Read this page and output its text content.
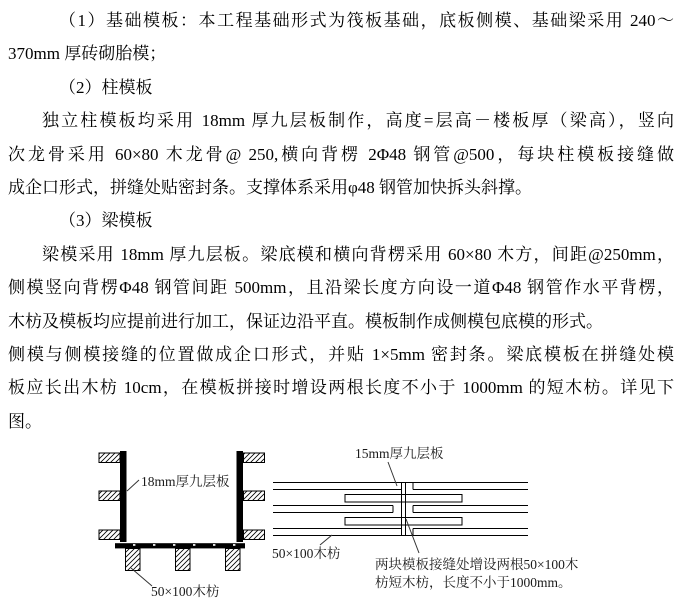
（1）基础模板：本工程基础形式为筏板基础，底板侧模、基础梁采用 240～
370mm 厚砖砌胎模；
（2）柱模板
独立柱模板均采用 18mm 厚九层板制作，高度=层高－楼板厚（梁高），竖向
次龙骨采用 60×80 木龙骨@ 250,横向背楞 2Φ48 钢管@500，每块柱模板接缝做
成企口形式，拼缝处贴密封条。支撑体系采用φ48 钢管加快拆头斜撑。
（3）梁模板
梁模采用 18mm 厚九层板。梁底模和横向背楞采用 60×80 木方，间距@250mm，
侧模竖向背楞Φ48 钢管间距 500mm，且沿梁长度方向设一道Φ48 钢管作水平背楞，
木枋及模板均应提前进行加工，保证边沿平直。模板制作成侧模包底模的形式。
侧模与侧模接缝的位置做成企口形式，并贴 1×5mm 密封条。梁底模板在拼缝处模
板应长出木枋 10cm，在模板拼接时增设两根长度不小于 1000mm 的短木枋。详见下
图。
18mm厚九层板
50×100木枋
15mm厚九层板
50×100木枋
两块模板接缝处增设两根50×100木
枋短木枋，长度不小于1000mm。
